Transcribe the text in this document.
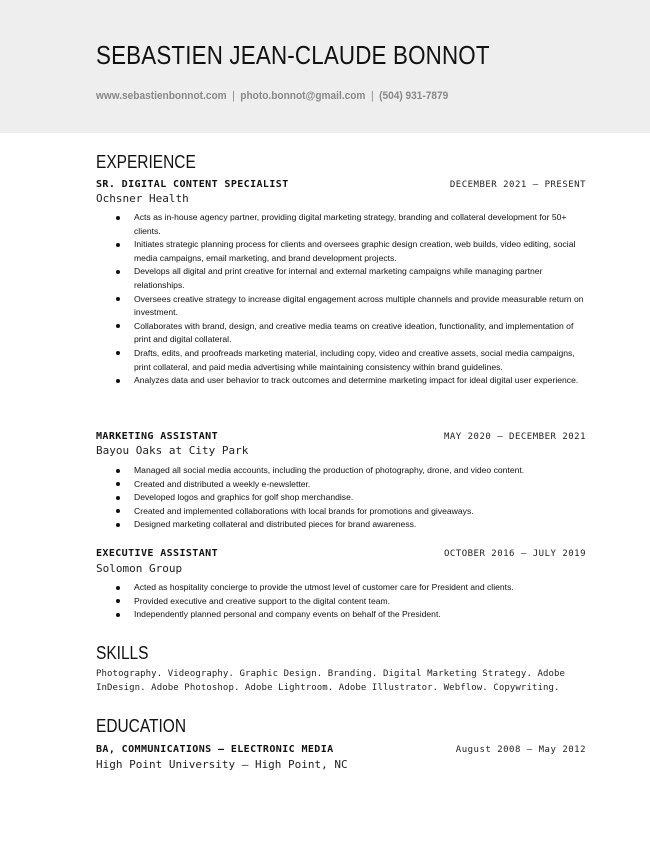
SEBASTIEN JEAN-CLAUDE BONNOT
www.sebastienbonnot.com | photo.bonnot@gmail.com | (504) 931-7879
EXPERIENCE
SR. DIGITAL CONTENT SPECIALIST	DECEMBER 2021 – PRESENT
Ochsner Health
Acts as in-house agency partner, providing digital marketing strategy, branding and collateral development for 50+ clients.
Initiates strategic planning process for clients and oversees graphic design creation, web builds, video editing, social media campaigns, email marketing, and brand development projects.
Develops all digital and print creative for internal and external marketing campaigns while managing partner relationships.
Oversees creative strategy to increase digital engagement across multiple channels and provide measurable return on investment.
Collaborates with brand, design, and creative media teams on creative ideation, functionality, and implementation of print and digital collateral.
Drafts, edits, and proofreads marketing material, including copy, video and creative assets, social media campaigns, print collateral, and paid media advertising while maintaining consistency within brand guidelines.
Analyzes data and user behavior to track outcomes and determine marketing impact for ideal digital user experience.
MARKETING ASSISTANT	MAY 2020 – DECEMBER 2021
Bayou Oaks at City Park
Managed all social media accounts, including the production of photography, drone, and video content.
Created and distributed a weekly e-newsletter.
Developed logos and graphics for golf shop merchandise.
Created and implemented collaborations with local brands for promotions and giveaways.
Designed marketing collateral and distributed pieces for brand awareness.
EXECUTIVE ASSISTANT	OCTOBER 2016 – JULY 2019
Solomon Group
Acted as hospitality concierge to provide the utmost level of customer care for President and clients.
Provided executive and creative support to the digital content team.
Independently planned personal and company events on behalf of the President.
SKILLS
Photography. Videography. Graphic Design. Branding. Digital Marketing Strategy. Adobe InDesign. Adobe Photoshop. Adobe Lightroom. Adobe Illustrator. Webflow. Copywriting.
EDUCATION
BA, COMMUNICATIONS – ELECTRONIC MEDIA	August 2008 – May 2012
High Point University – High Point, NC
